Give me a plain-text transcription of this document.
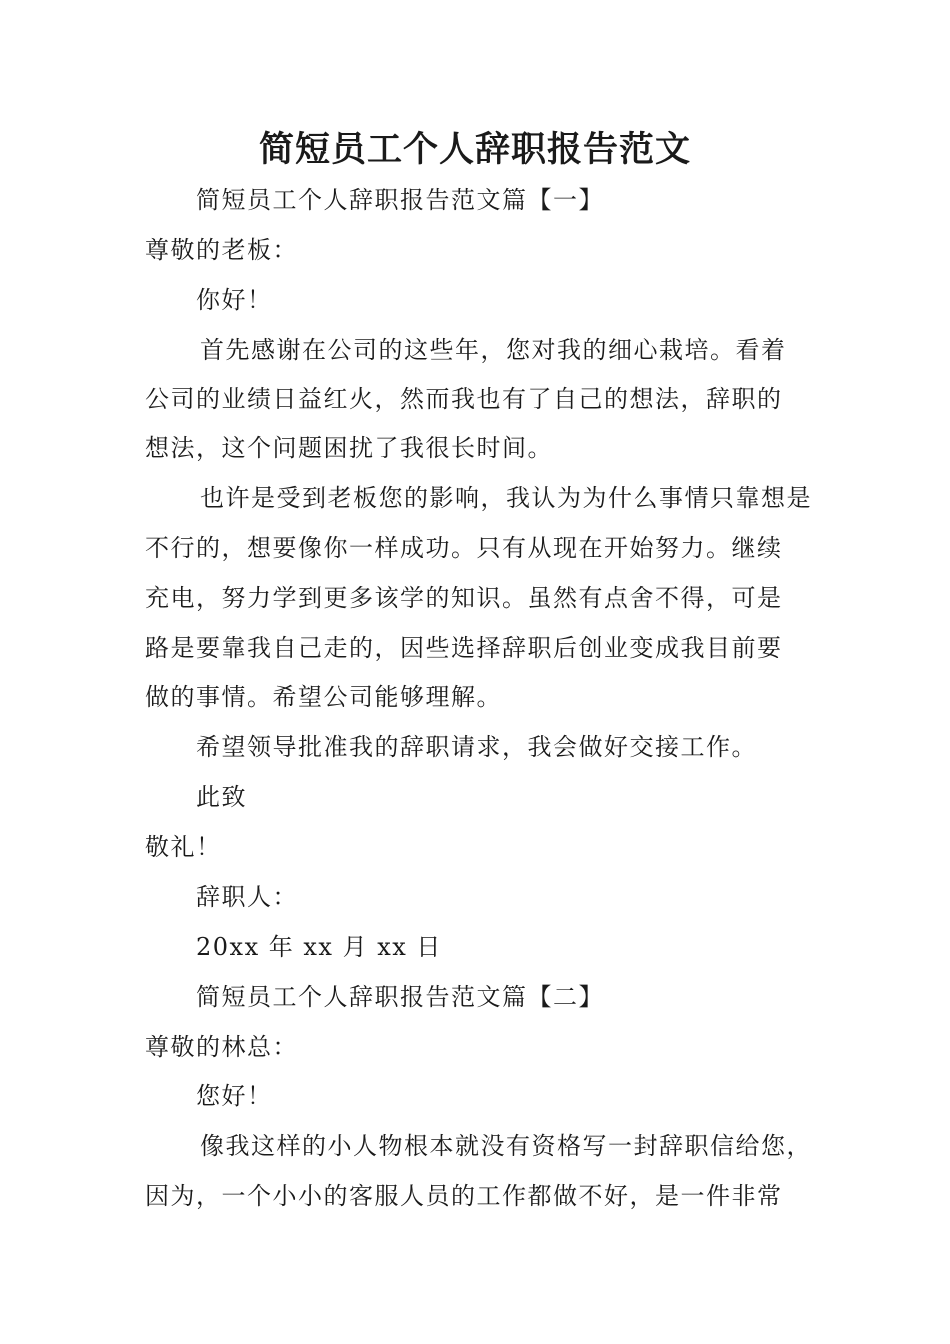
简短员工个人辞职报告范文
简短员工个人辞职报告范文篇【一】
尊敬的老板：
你好！
首先感谢在公司的这些年，您对我的细心栽培。看着
公司的业绩日益红火，然而我也有了自己的想法，辞职的
想法，这个问题困扰了我很长时间。
也许是受到老板您的影响，我认为为什么事情只靠想是
不行的，想要像你一样成功。只有从现在开始努力。继续
充电，努力学到更多该学的知识。虽然有点舍不得，可是
路是要靠我自己走的，因些选择辞职后创业变成我目前要
做的事情。希望公司能够理解。
希望领导批准我的辞职请求，我会做好交接工作。
此致
敬礼！
辞职人：
20xx 年 xx 月 xx 日
简短员工个人辞职报告范文篇【二】
尊敬的林总：
您好！
像我这样的小人物根本就没有资格写一封辞职信给您，
因为，一个小小的客服人员的工作都做不好，是一件非常
